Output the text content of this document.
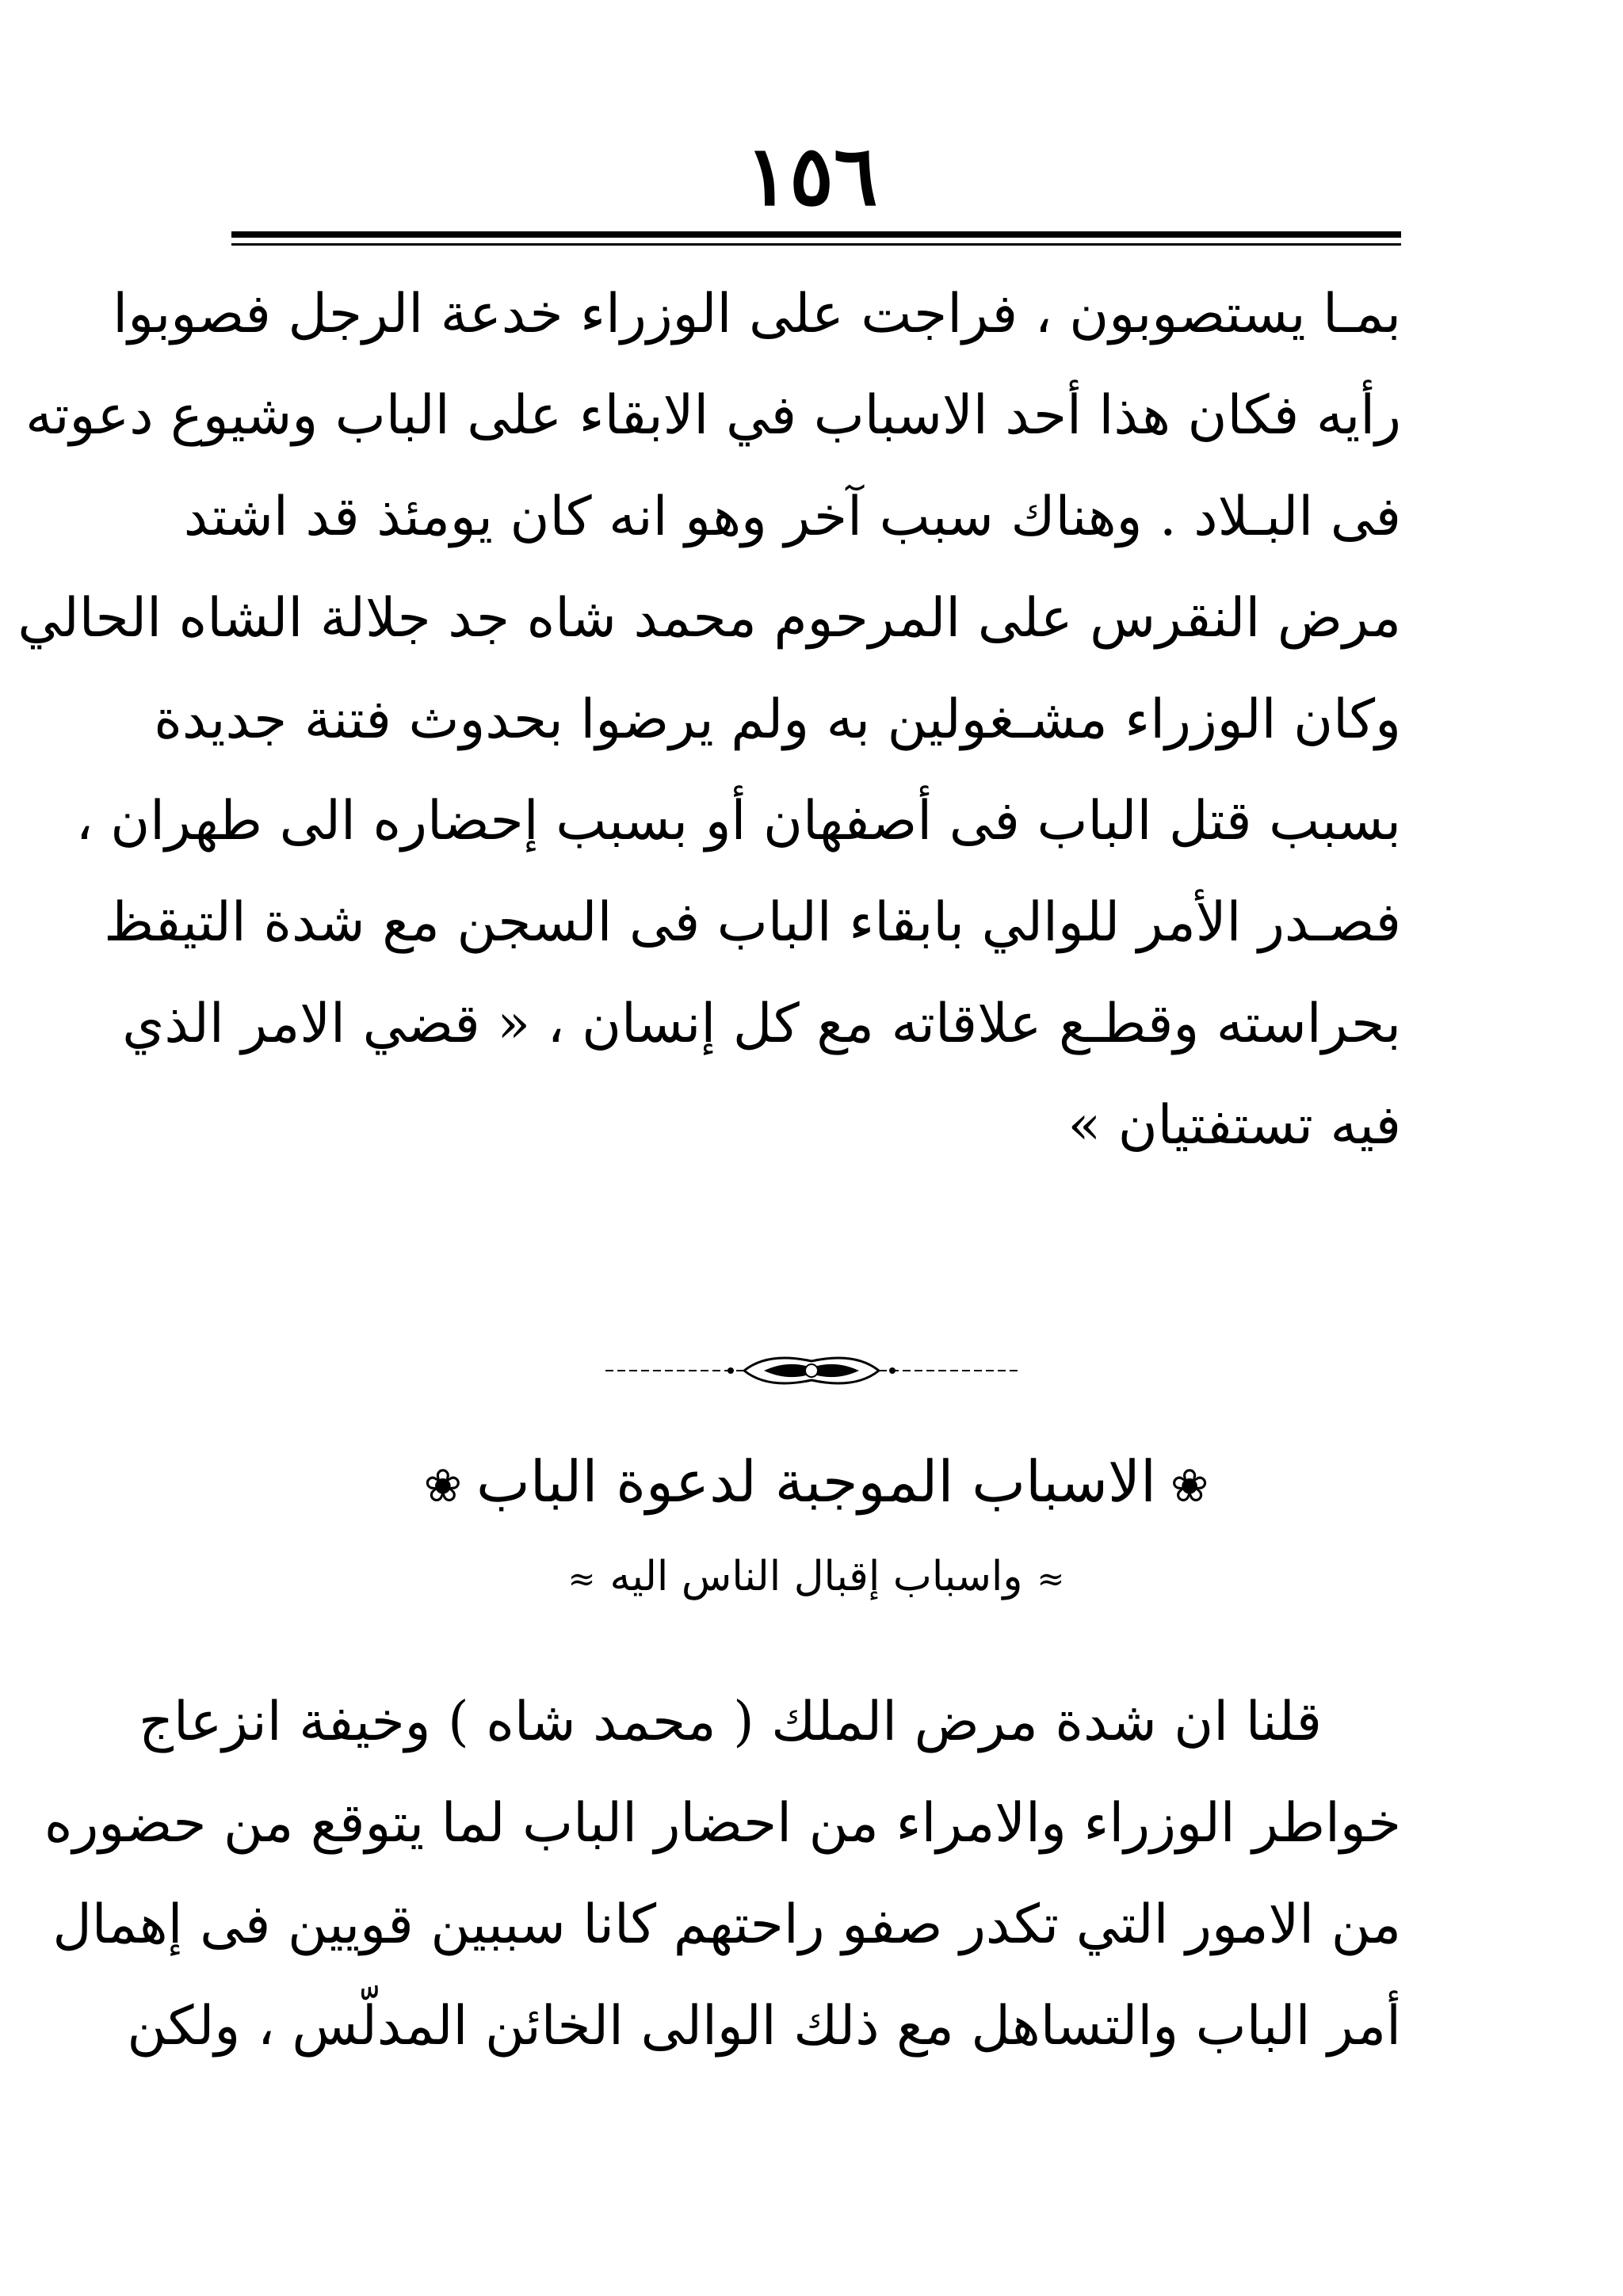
١٥٦
بمـا يستصوبون ، فراجت على الوزراء خدعة الرجل فصوبوا
رأيه فكان هذا أحد الاسباب في الابقاء على الباب وشيوع دعوته
فى البـلاد . وهناك سبب آخر وهو انه كان يومئذ قد اشتد
مرض النقرس على المرحوم محمد شاه جد جلالة الشاه الحالي
وكان الوزراء مشـغولين به ولم يرضوا بحدوث فتنة جديدة
بسبب قتل الباب فى أصفهان أو بسبب إحضاره الى طهران ،
فصـدر الأمر للوالي بابقاء الباب فى السجن مع شدة التيقظ
بحراسته وقطـع علاقاته مع كل إنسان ، « قضي الامر الذي
فيه تستفتيان »
❀الاسباب الموجبة لدعوة الباب❀
≈واسباب إقبال الناس اليه≈
قلنا ان شدة مرض الملك ( محمد شاه ) وخيفة انزعاج
خواطر الوزراء والامراء من احضار الباب لما يتوقع من حضوره
من الامور التي تكدر صفو راحتهم كانا سببين قويين فى إهمال
أمر الباب والتساهل مع ذلك الوالى الخائن المدلّس ، ولكن
